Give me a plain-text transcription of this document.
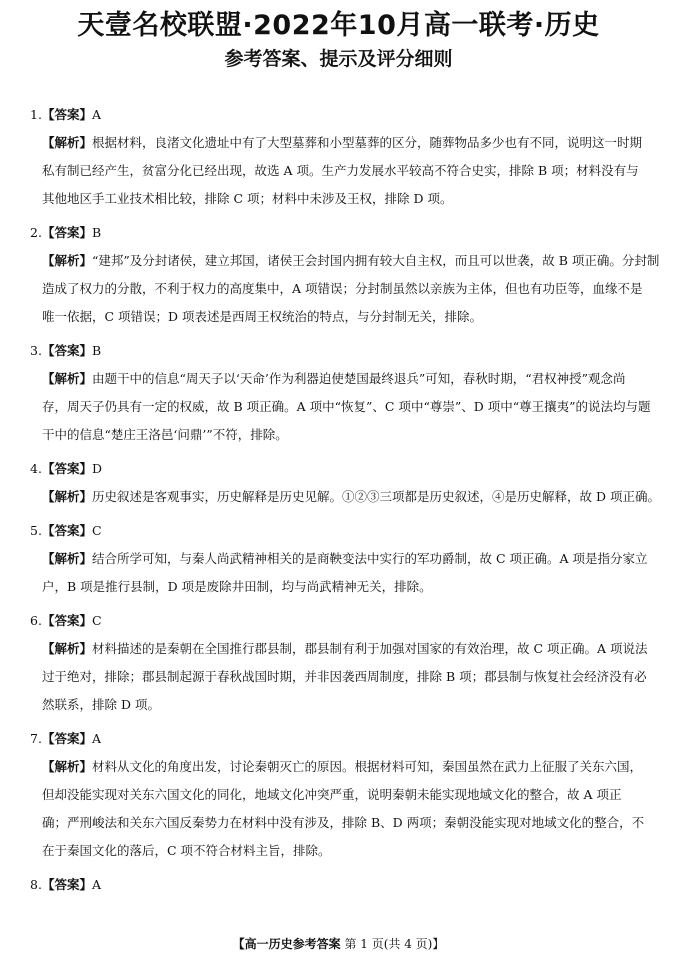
天壹名校联盟·2022年10月高一联考·历史
参考答案、提示及评分细则
1.【答案】A
【解析】根据材料，良渚文化遗址中有了大型墓葬和小型墓葬的区分，随葬物品多少也有不同，说明这一时期
私有制已经产生，贫富分化已经出现，故选 A 项。生产力发展水平较高不符合史实，排除 B 项；材料没有与
其他地区手工业技术相比较，排除 C 项；材料中未涉及王权，排除 D 项。
2.【答案】B
【解析】“建邦”及分封诸侯，建立邦国，诸侯王会封国内拥有较大自主权，而且可以世袭，故 B 项正确。分封制
造成了权力的分散，不利于权力的高度集中，A 项错误；分封制虽然以亲族为主体，但也有功臣等，血缘不是
唯一依据，C 项错误；D 项表述是西周王权统治的特点，与分封制无关，排除。
3.【答案】B
【解析】由题干中的信息“周天子以‘天命’作为利器迫使楚国最终退兵”可知，春秋时期，“君权神授”观念尚
存，周天子仍具有一定的权威，故 B 项正确。A 项中“恢复”、C 项中“尊崇”、D 项中“尊王攘夷”的说法均与题
干中的信息“楚庄王洛邑‘问鼎’”不符，排除。
4.【答案】D
【解析】历史叙述是客观事实，历史解释是历史见解。①②③三项都是历史叙述，④是历史解释，故 D 项正确。
5.【答案】C
【解析】结合所学可知，与秦人尚武精神相关的是商鞅变法中实行的军功爵制，故 C 项正确。A 项是指分家立
户，B 项是推行县制，D 项是废除井田制，均与尚武精神无关，排除。
6.【答案】C
【解析】材料描述的是秦朝在全国推行郡县制，郡县制有利于加强对国家的有效治理，故 C 项正确。A 项说法
过于绝对，排除；郡县制起源于春秋战国时期，并非因袭西周制度，排除 B 项；郡县制与恢复社会经济没有必
然联系，排除 D 项。
7.【答案】A
【解析】材料从文化的角度出发，讨论秦朝灭亡的原因。根据材料可知，秦国虽然在武力上征服了关东六国，
但却没能实现对关东六国文化的同化，地域文化冲突严重，说明秦朝未能实现地域文化的整合，故 A 项正
确；严刑峻法和关东六国反秦势力在材料中没有涉及，排除 B、D 两项；秦朝没能实现对地域文化的整合，不
在于秦国文化的落后，C 项不符合材料主旨，排除。
8.【答案】A
【高一历史参考答案 第 1 页(共 4 页)】
